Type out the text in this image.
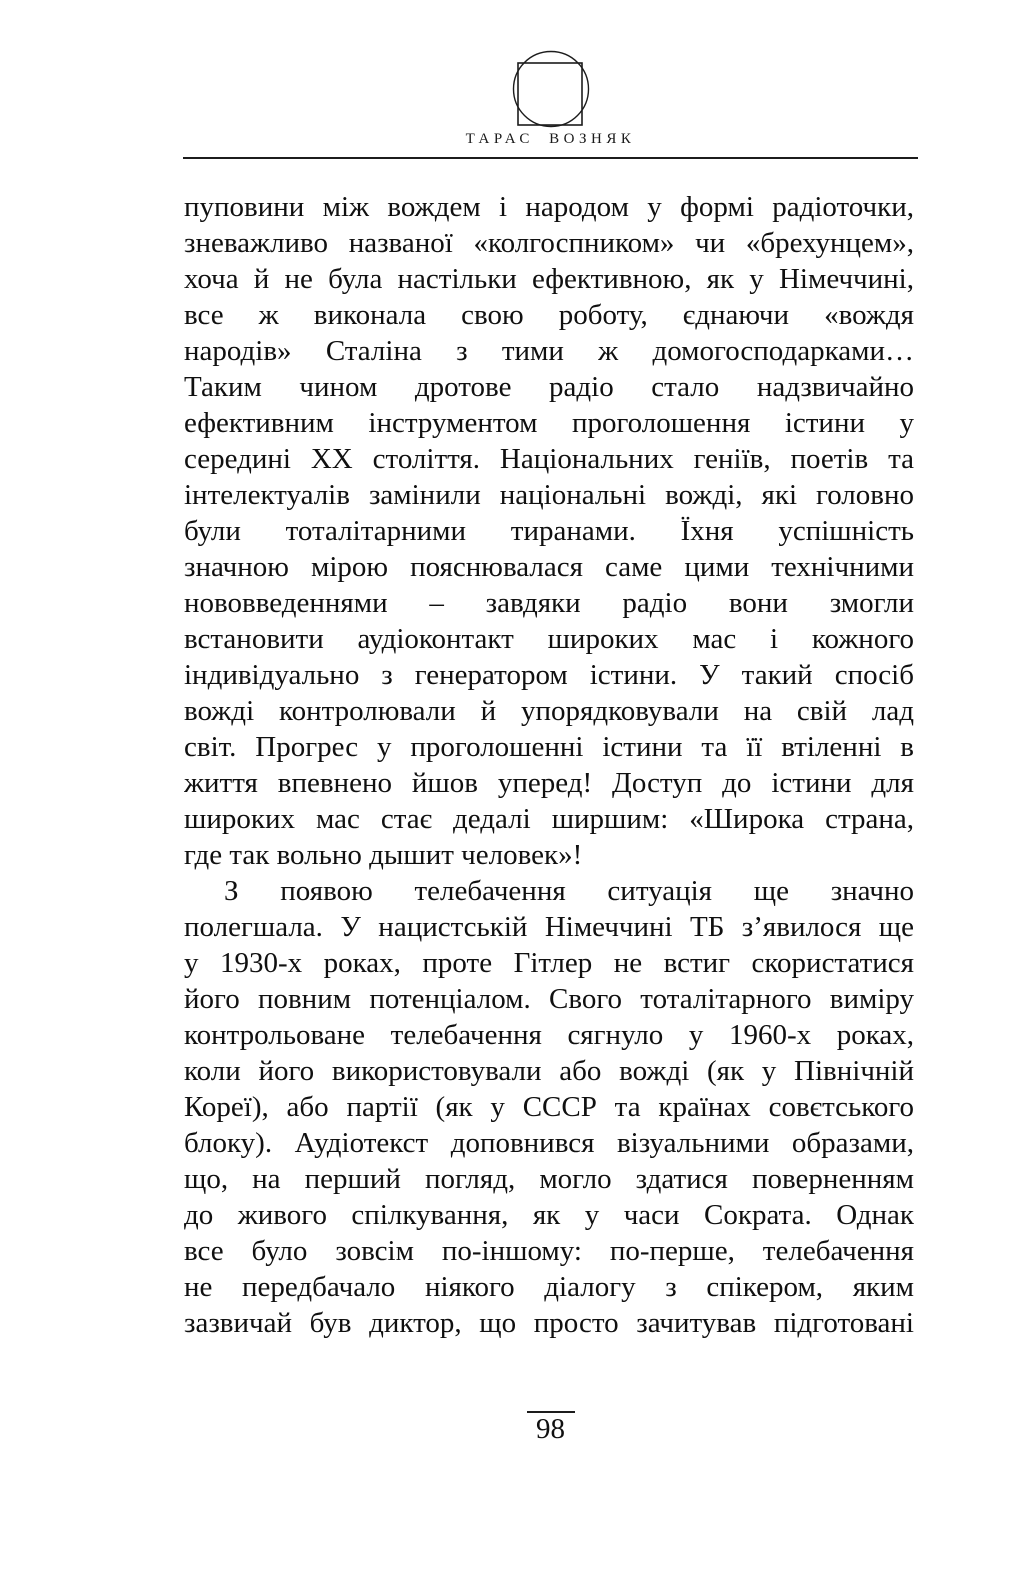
ТАРАС ВОЗНЯК
пуповини між вождем і народом у формі радіоточки,
зневажливо названої «колгоспником» чи «брехунцем»,
хоча й не була настільки ефективною, як у Німеччині,
все ж виконала свою роботу, єднаючи «вождя
народів» Сталіна з тими ж домогосподарками…
Таким чином дротове радіо стало надзвичайно
ефективним інструментом проголошення істини у
середині ХХ століття. Національних геніїв, поетів та
інтелектуалів замінили національні вожді, які головно
були тоталітарними тиранами. Їхня успішність
значною мірою пояснювалася саме цими технічними
нововведеннями – завдяки радіо вони змогли
встановити аудіоконтакт широких мас і кожного
індивідуально з генератором істини. У такий спосіб
вожді контролювали й упорядковували на свій лад
світ. Прогрес у проголошенні істини та її втіленні в
життя впевнено йшов уперед! Доступ до істини для
широких мас стає дедалі ширшим: «Широка страна,
где так вольно дышит человек»!
З появою телебачення ситуація ще значно
полегшала. У нацистській Німеччині ТБ з’явилося ще
у 1930-х роках, проте Гітлер не встиг скористатися
його повним потенціалом. Свого тоталітарного виміру
контрольоване телебачення сягнуло у 1960-х роках,
коли його використовували або вожді (як у Північній
Кореї), або партії (як у СССР та країнах совєтського
блоку). Аудіотекст доповнився візуальними образами,
що, на перший погляд, могло здатися поверненням
до живого спілкування, як у часи Сократа. Однак
все було зовсім по-іншому: по-перше, телебачення
не передбачало ніякого діалогу з спікером, яким
зазвичай був диктор, що просто зачитував підготовані
98
